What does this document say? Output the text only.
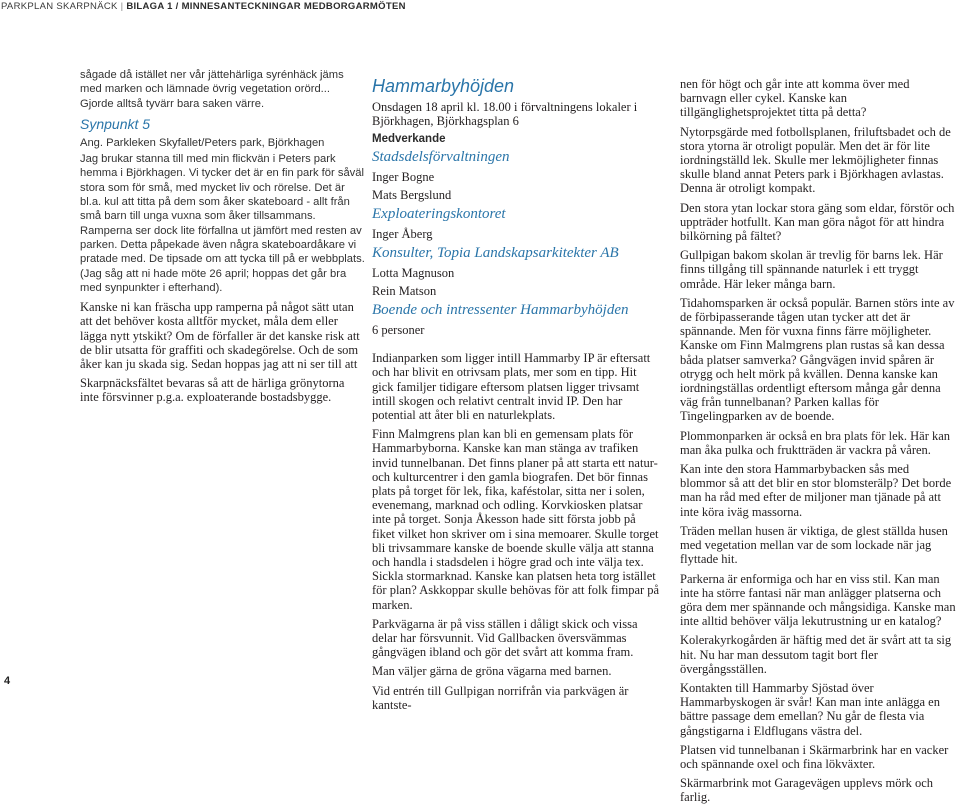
PARKPLAN SKARPNÄCK | BILAGA 1 / MINNESANTECKNINGAR MEDBORGARMÖTEN

sågade då istället ner vår jättehärliga syrénhäck jäms med marken och lämnade övrig vegetation orörd... Gjorde alltså tyvärr bara saken värre.

Synpunkt 5

Ang. Parkleken Skyfallet/Peters park, Björkhagen

Jag brukar stanna till med min flickvän i Peters park hemma i Björkhagen. Vi tycker det är en fin park för såväl stora som för små, med mycket liv och rörelse. Det är bl.a. kul att titta på dem som åker skateboard - allt från små barn till unga vuxna som åker tillsammans. Ramperna ser dock lite förfallna ut jämfört med resten av parken. Detta påpekade även några skateboardåkare vi pratade med. De tipsade om att tycka till på er webbplats. (Jag såg att ni hade möte 26 april; hoppas det går bra med synpunkter i efterhand).

Kanske ni kan fräscha upp ramperna på något sätt utan att det behöver kosta alltför mycket, måla dem eller lägga nytt ytskikt? Om de förfaller är det kanske risk att de blir utsatta för graffiti och skadegörelse. Och de som åker kan ju skada sig. Sedan hoppas jag att ni ser till att

Skarpnäcksfältet bevaras så att de härliga grönytorna inte försvinner p.g.a. exploaterande bostadsbygge.

Hammarbyhöjden

Onsdagen 18 april kl. 18.00 i förvaltningens lokaler i Björkhagen, Björkhagsplan 6

Medverkande
Stadsdelsförvaltningen
Inger Bogne
Mats Bergslund
Exploateringskontoret
Inger Åberg
Konsulter, Topia Landskapsarkitekter AB
Lotta Magnuson
Rein Matson
Boende och intressenter Hammarbyhöjden
6 personer

Indianparken som ligger intill Hammarby IP är eftersatt och har blivit en otrivsam plats, mer som en tipp. Hit gick familjer tidigare eftersom platsen ligger trivsamt intill skogen och relativt centralt invid IP. Den har potential att åter bli en naturlekplats.

Finn Malmgrens plan kan bli en gemensam plats för Hammarbyborna. Kanske kan man stänga av trafiken invid tunnelbanan. Det finns planer på att starta ett natur- och kulturcentrer i den gamla biografen. Det bör finnas plats på torget för lek, fika, kaféstolar, sitta ner i solen, evenemang, marknad och odling. Korvkiosken platsar inte på torget. Sonja Åkesson hade sitt första jobb på fiket vilket hon skriver om i sina memoarer. Skulle torget bli trivsammare kanske de boende skulle välja att stanna och handla i stadsdelen i högre grad och inte välja tex. Sickla stormarknad. Kanske kan platsen heta torg istället för plan? Askkoppar skulle behövas för att folk fimpar på marken.

Parkvägarna är på viss ställen i dåligt skick och vissa delar har försvunnit. Vid Gallbacken översvämmas gångvägen ibland och gör det svårt att komma fram.

Man väljer gärna de gröna vägarna med barnen.

Vid entrén till Gullpigan norrifrån via parkvägen är kantste-

nen för högt och går inte att komma över med barnvagn eller cykel. Kanske kan tillgänglighetsprojektet titta på detta?

Nytorpsgärde med fotbollsplanen, friluftsbadet och de stora ytorna är otroligt populär. Men det är för lite iordningställd lek. Skulle mer lekmöjligheter finnas skulle bland annat Peters park i Björkhagen avlastas. Denna är otroligt kompakt.

Den stora ytan lockar stora gäng som eldar, förstör och uppträder hotfullt. Kan man göra något för att hindra bilkörning på fältet?

Gullpigan bakom skolan är trevlig för barns lek. Här finns tillgång till spännande naturlek i ett tryggt område. Här leker många barn.

Tidahomsparken är också populär. Barnen störs inte av de förbipasserande tågen utan tycker att det är spännande. Men för vuxna finns färre möjligheter. Kanske om Finn Malmgrens plan rustas så kan dessa båda platser samverka? Gångvägen invid spåren är otrygg och helt mörk på kvällen. Denna kanske kan iordningställas ordentligt eftersom många går denna väg från tunnelbanan? Parken kallas för Tingelingparken av de boende.

Plommonparken är också en bra plats för lek. Här kan man åka pulka och fruktträden är vackra på våren.

Kan inte den stora Hammarbybacken sås med blommor så att det blir en stor blomsterälp? Det borde man ha råd med efter de miljoner man tjänade på att inte köra iväg massorna.

Träden mellan husen är viktiga, de glest ställda husen med vegetation mellan var de som lockade när jag flyttade hit.

Parkerna är enformiga och har en viss stil. Kan man inte ha större fantasi när man anlägger platserna och göra dem mer spännande och mångsidiga. Kanske man inte alltid behöver välja lekutrustning ur en katalog?

Kolerakyrkogården är häftig med det är svårt att ta sig hit. Nu har man dessutom tagit bort fler övergångsställen.

Kontakten till Hammarby Sjöstad över Hammarbyskogen är svår! Kan man inte anlägga en bättre passage dem emellan? Nu går de flesta via gångstigarna i Eldflugans västra del.

Platsen vid tunnelbanan i Skärmarbrink har en vacker och spännande oxel och fina lökväxter.

Skärmarbrink mot Garagevägen upplevs mörk och farlig.

4
